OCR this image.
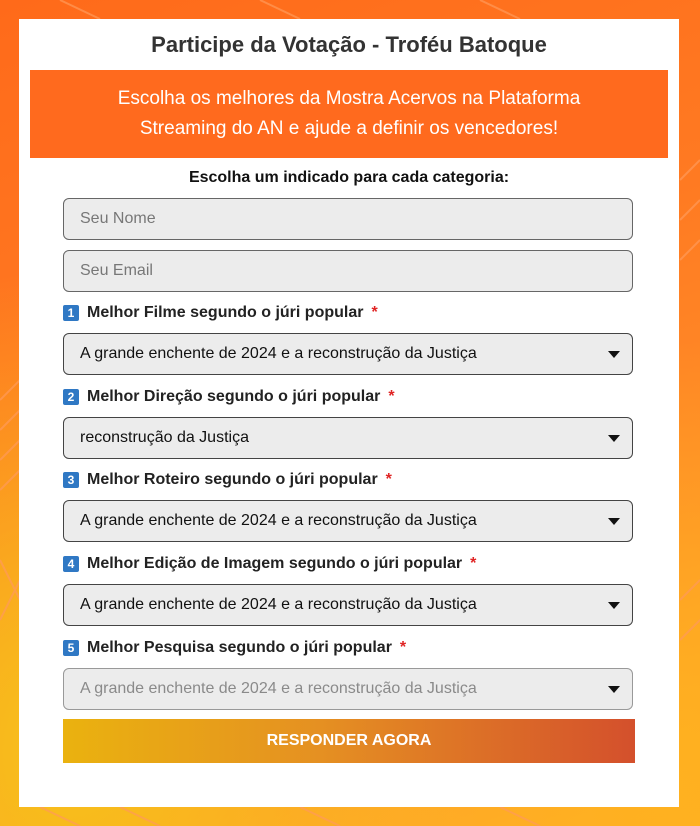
Participe da Votação - Troféu Batoque
Escolha os melhores da Mostra Acervos na Plataforma
Streaming do AN e ajude a definir os vencedores!
Escolha um indicado para cada categoria:
Seu Nome
Seu Email
1 Melhor Filme segundo o júri popular *
A grande enchente de 2024 e a reconstrução da Justiça
2 Melhor Direção segundo o júri popular *
reconstrução da Justiça
3 Melhor Roteiro segundo o júri popular *
A grande enchente de 2024 e a reconstrução da Justiça
4 Melhor Edição de Imagem segundo o júri popular *
A grande enchente de 2024 e a reconstrução da Justiça
5 Melhor Pesquisa segundo o júri popular *
A grande enchente de 2024 e a reconstrução da Justiça
RESPONDER AGORA
